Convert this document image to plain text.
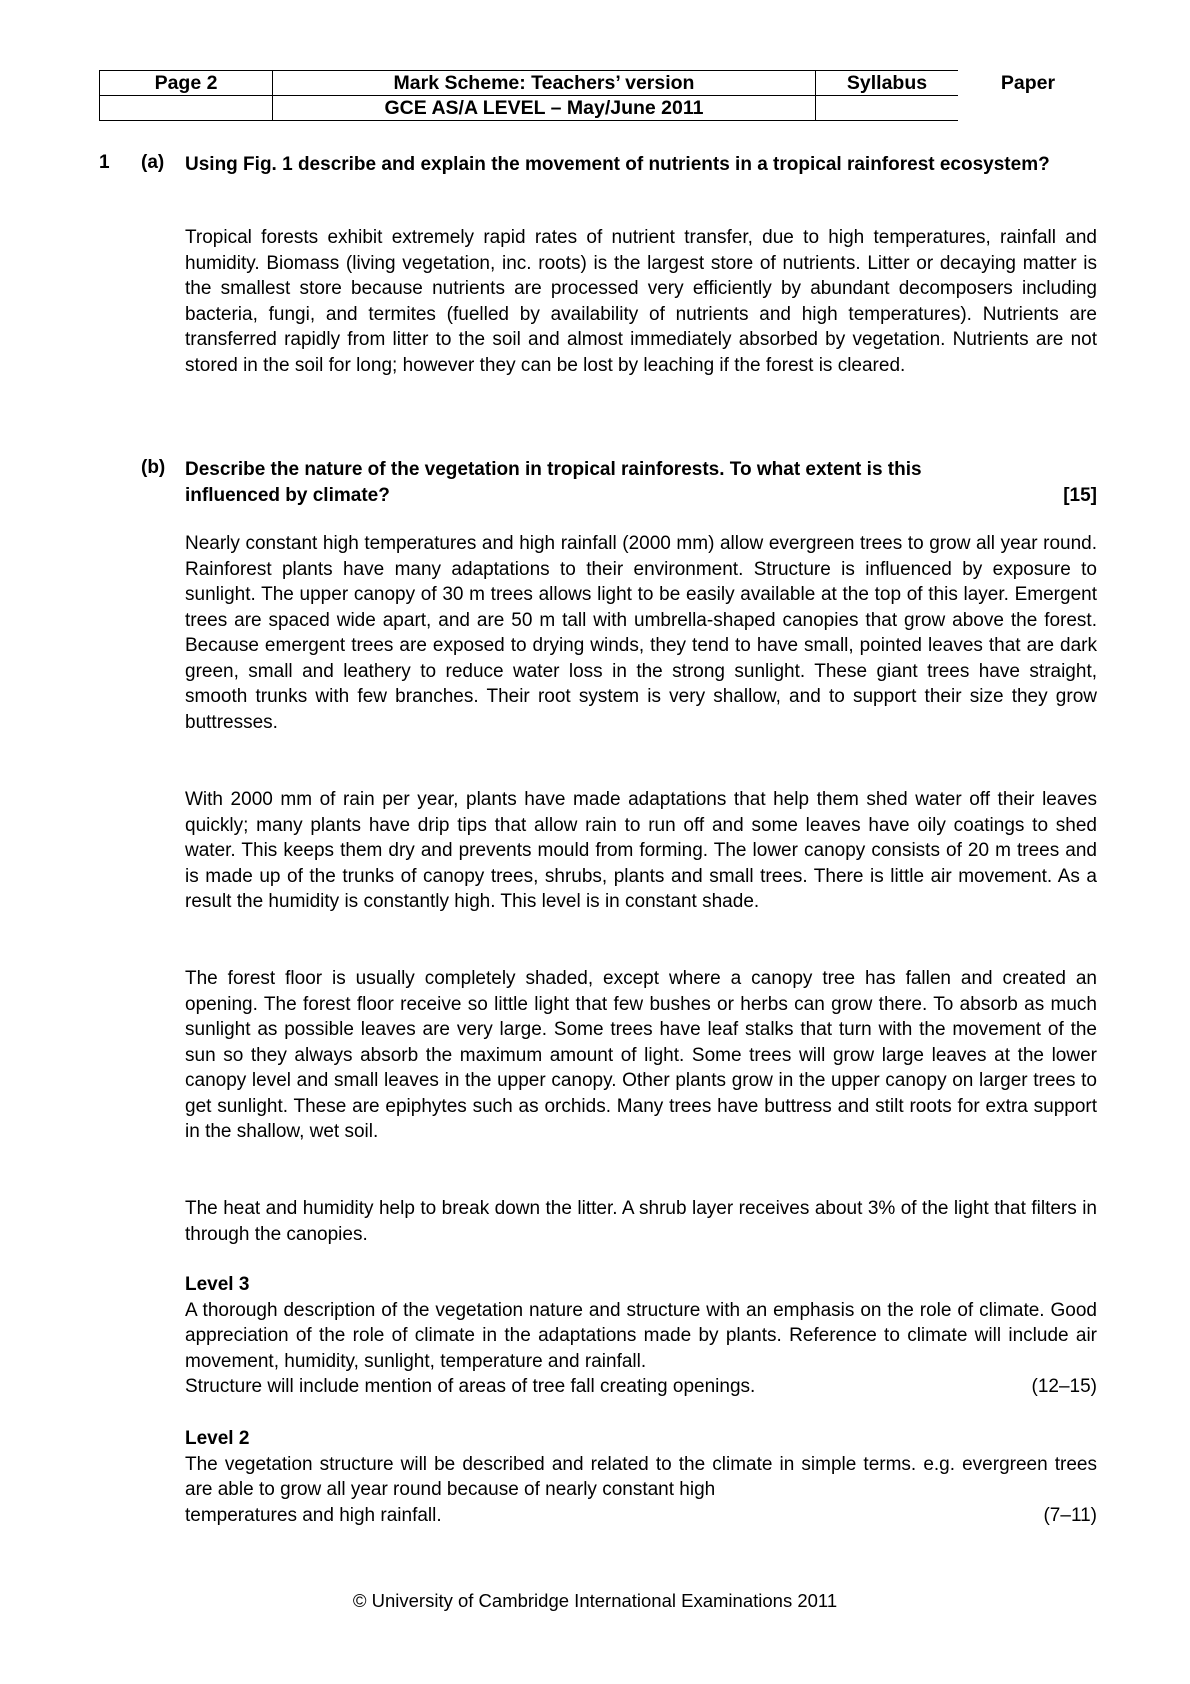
Page 2	Mark Scheme: Teachers’ version	Syllabus	Paper
	GCE AS/A LEVEL – May/June 2011		
1 (a) Using Fig. 1 describe and explain the movement of nutrients in a tropical rainforest ecosystem?
Tropical forests exhibit extremely rapid rates of nutrient transfer, due to high temperatures, rainfall and humidity. Biomass (living vegetation, inc. roots) is the largest store of nutrients. Litter or decaying matter is the smallest store because nutrients are processed very efficiently by abundant decomposers including bacteria, fungi, and termites (fuelled by availability of nutrients and high temperatures). Nutrients are transferred rapidly from litter to the soil and almost immediately absorbed by vegetation. Nutrients are not stored in the soil for long; however they can be lost by leaching if the forest is cleared.
(b) Describe the nature of the vegetation in tropical rainforests. To what extent is this

influenced by climate?	[15]
Nearly constant high temperatures and high rainfall (2000 mm) allow evergreen trees to grow all year round. Rainforest plants have many adaptations to their environment. Structure is influenced by exposure to sunlight. The upper canopy of 30 m trees allows light to be easily available at the top of this layer. Emergent trees are spaced wide apart, and are 50 m tall with umbrella-shaped canopies that grow above the forest. Because emergent trees are exposed to drying winds, they tend to have small, pointed leaves that are dark green, small and leathery to reduce water loss in the strong sunlight. These giant trees have straight, smooth trunks with few branches. Their root system is very shallow, and to support their size they grow buttresses.
With 2000 mm of rain per year, plants have made adaptations that help them shed water off their leaves quickly; many plants have drip tips that allow rain to run off and some leaves have oily coatings to shed water. This keeps them dry and prevents mould from forming. The lower canopy consists of 20 m trees and is made up of the trunks of canopy trees, shrubs, plants and small trees. There is little air movement. As a result the humidity is constantly high. This level is in constant shade.
The forest floor is usually completely shaded, except where a canopy tree has fallen and created an opening. The forest floor receive so little light that few bushes or herbs can grow there. To absorb as much sunlight as possible leaves are very large. Some trees have leaf stalks that turn with the movement of the sun so they always absorb the maximum amount of light. Some trees will grow large leaves at the lower canopy level and small leaves in the upper canopy. Other plants grow in the upper canopy on larger trees to get sunlight. These are epiphytes such as orchids. Many trees have buttress and stilt roots for extra support in the shallow, wet soil.
The heat and humidity help to break down the litter. A shrub layer receives about 3% of the light that filters in through the canopies.

Level 3

A thorough description of the vegetation nature and structure with an emphasis on the role of climate. Good appreciation of the role of climate in the adaptations made by plants. Reference to climate will include air movement, humidity, sunlight, temperature and rainfall.

Structure will include mention of areas of tree fall creating openings.	(12–15)

Level 2

The vegetation structure will be described and related to the climate in simple terms. e.g. evergreen trees are able to grow all year round because of nearly constant high

temperatures and high rainfall.	(7–11)
© University of Cambridge International Examinations 2011
